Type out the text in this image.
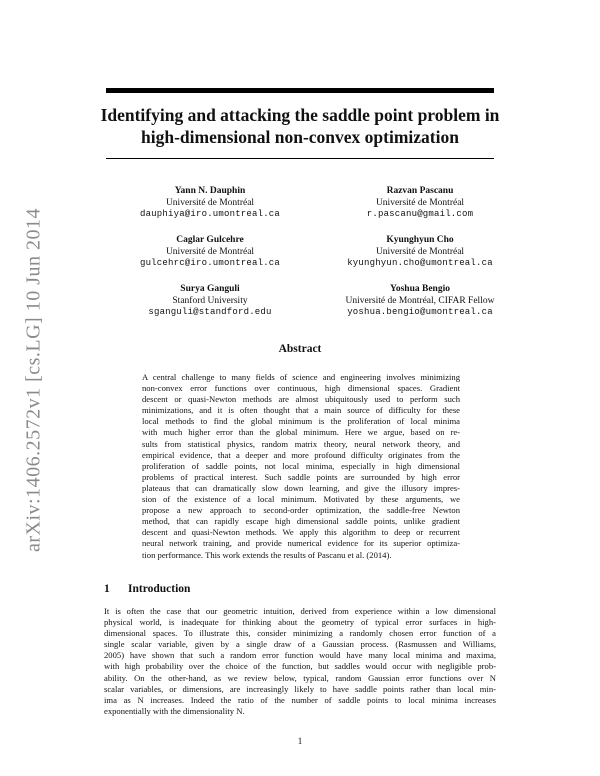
arXiv:1406.2572v1 [cs.LG] 10 Jun 2014
Identifying and attacking the saddle point problem in
high-dimensional non-convex optimization
Yann N. Dauphin
Université de Montréal
dauphiya@iro.umontreal.ca
Razvan Pascanu
Université de Montréal
r.pascanu@gmail.com
Caglar Gulcehre
Université de Montréal
gulcehrc@iro.umontreal.ca
Kyunghyun Cho
Université de Montréal
kyunghyun.cho@umontreal.ca
Surya Ganguli
Stanford University
sganguli@standford.edu
Yoshua Bengio
Université de Montréal, CIFAR Fellow
yoshua.bengio@umontreal.ca
Abstract
A central challenge to many fields of science and engineering involves minimizing
non-convex error functions over continuous, high dimensional spaces. Gradient
descent or quasi-Newton methods are almost ubiquitously used to perform such
minimizations, and it is often thought that a main source of difficulty for these
local methods to find the global minimum is the proliferation of local minima
with much higher error than the global minimum. Here we argue, based on re-
sults from statistical physics, random matrix theory, neural network theory, and
empirical evidence, that a deeper and more profound difficulty originates from the
proliferation of saddle points, not local minima, especially in high dimensional
problems of practical interest. Such saddle points are surrounded by high error
plateaus that can dramatically slow down learning, and give the illusory impres-
sion of the existence of a local minimum. Motivated by these arguments, we
propose a new approach to second-order optimization, the saddle-free Newton
method, that can rapidly escape high dimensional saddle points, unlike gradient
descent and quasi-Newton methods. We apply this algorithm to deep or recurrent
neural network training, and provide numerical evidence for its superior optimiza-
tion performance. This work extends the results of Pascanu et al. (2014).
1 Introduction
It is often the case that our geometric intuition, derived from experience within a low dimensional
physical world, is inadequate for thinking about the geometry of typical error surfaces in high-
dimensional spaces. To illustrate this, consider minimizing a randomly chosen error function of a
single scalar variable, given by a single draw of a Gaussian process. (Rasmussen and Williams,
2005) have shown that such a random error function would have many local minima and maxima,
with high probability over the choice of the function, but saddles would occur with negligible prob-
ability. On the other-hand, as we review below, typical, random Gaussian error functions over N
scalar variables, or dimensions, are increasingly likely to have saddle points rather than local min-
ima as N increases. Indeed the ratio of the number of saddle points to local minima increases
exponentially with the dimensionality N.
1
